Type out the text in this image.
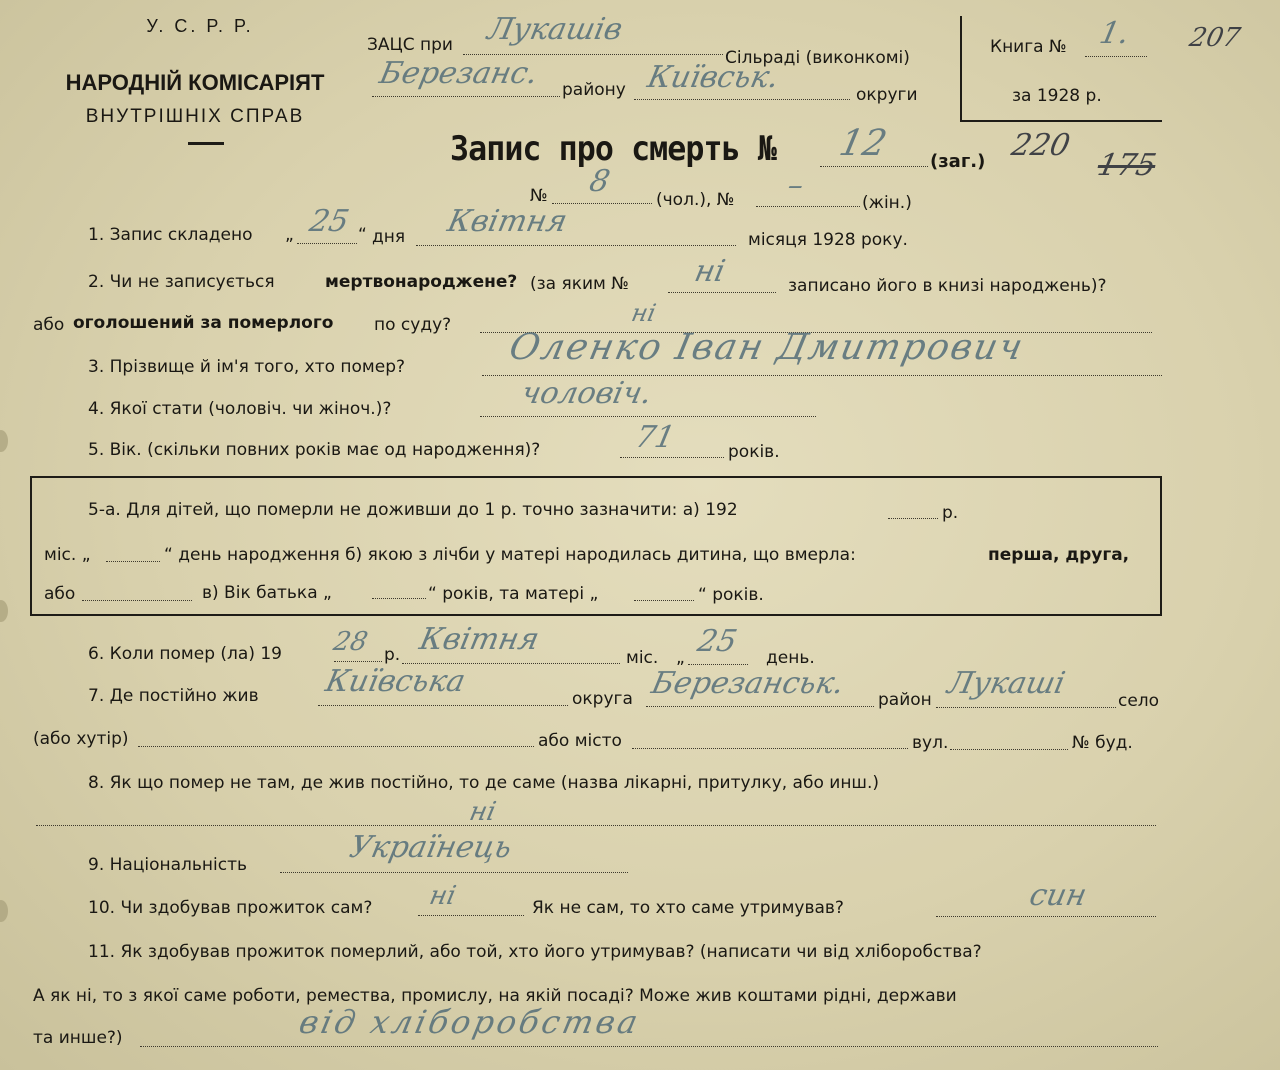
У. С. Р. Р.
НАРОДНІЙ КОМІСАРІЯТ
ВНУТРІШНІХ СПРАВ
ЗАЦС при Лукашів
Сільраді (виконкомі)
Березанс. району Київськ.	округи
Книга № 1. 207
за 1928 р.
Запис про смерть № 12 (заг.) 220
175
№ 8
(чол.), № –	(жін.)
1. Запис складено „ 25 “ дня Квітня
місяця 1928 року.
2. Чи не записується	мертвонароджене? (за яким № ні	записано його в книзі народжень)?
або оголошений за померлого по суду?	ні
3. Прізвище й ім'я того, хто помер?	Оленко Іван Дмитрович
4. Якої стати (чоловіч. чи жіноч.)?	чоловіч.
5. Вік. (скільки повних років має од народження)?	71	років.
5-а. Для дітей, що померли не доживши до 1 р. точно зазначити: а) 192	р.
міс. „	“ день народження б) якою з лічби у матері народилась дитина, що вмерла:	перша, друга,
або	в) Вік батька „	“ років, та матері „	“ років.
6. Коли помер (ла) 19 28 р. Квітня
міс. „ 25 день.
7. Де постійно жив Київська	округа Березанськ. район Лукаші	село
(або хутір)	або місто	вул.	№ буд.
8. Як що помер не там, де жив постійно, то де саме (назва лікарні, притулку, або инш.)
ні
9. Національність	Українець
10. Чи здобував прожиток сам? ні	Як не сам, то хто саме утримував?	син
11. Як здобував прожиток померлий, або той, хто його утримував? (написати чи від хліборобства?
А як ні, то з якої саме роботи, ремества, промислу, на якій посаді? Може жив коштами рідні, держави
та инше?)	від хліборобства
